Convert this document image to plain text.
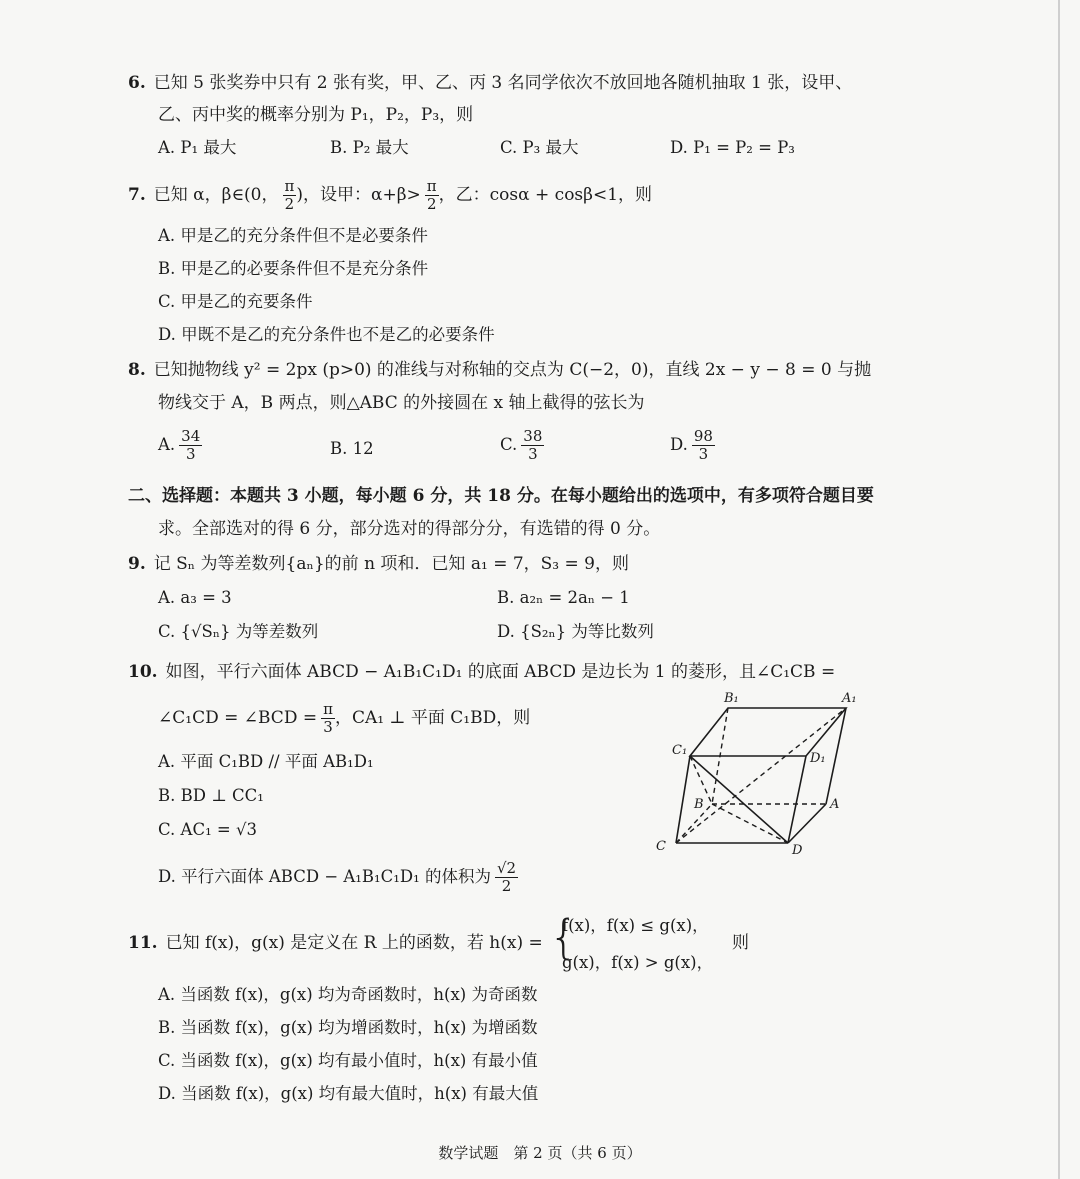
6. 已知 5 张奖券中只有 2 张有奖，甲、乙、丙 3 名同学依次不放回地各随机抽取 1 张，设甲、
乙、丙中奖的概率分别为 P₁，P₂，P₃，则
A. P₁ 最大	B. P₂ 最大	C. P₃ 最大	D. P₁ = P₂ = P₃
7. 已知 α，β∈(0， $\frac{\pi}{2}$ )，设甲：$\alpha+\beta> \frac{\pi}{2}$ ，乙：cosα + cosβ<1，则
A. 甲是乙的充分条件但不是必要条件
B. 甲是乙的必要条件但不是充分条件
C. 甲是乙的充要条件
D. 甲既不是乙的充分条件也不是乙的必要条件
8. 已知抛物线 y² = 2px (p>0) 的准线与对称轴的交点为 C(−2，0)，直线 2x − y − 8 = 0 与抛
物线交于 A，B 两点，则△ABC 的外接圆在 x 轴上截得的弦长为
A. $\frac{34}{3}$	B. 12	C. $\frac{38}{3}$	D. $\frac{98}{3}$
二、选择题：本题共 3 小题，每小题 6 分，共 18 分。在每小题给出的选项中，有多项符合题目要
求。全部选对的得 6 分，部分选对的得部分分，有选错的得 0 分。
9. 记 Sₙ 为等差数列{aₙ}的前 n 项和．已知 a₁ = 7，S₃ = 9，则
A. a₃ = 3	B. a₂ₙ = 2aₙ − 1
C. {√Sₙ} 为等差数列	D. {S₂ₙ} 为等比数列
10. 如图，平行六面体 ABCD − A₁B₁C₁D₁ 的底面 ABCD 是边长为 1 的菱形，且∠C₁CB =
∠C₁CD = ∠BCD = $\frac{\pi}{3}$ ，CA₁ ⊥ 平面 C₁BD，则
A. 平面 C₁BD // 平面 AB₁D₁
B. BD ⊥ CC₁
C. AC₁ = √3
D. 平行六面体 ABCD − A₁B₁C₁D₁ 的体积为 $\frac{√2}{2}$
B₁	A₁
C₁
D₁
B	A
C	D
11. 已知 f(x)，g(x) 是定义在 R 上的函数，若 h(x) = {
f(x)，f(x) ≤ g(x)，
g(x)，f(x) > g(x)，
则
A. 当函数 f(x)，g(x) 均为奇函数时，h(x) 为奇函数
B. 当函数 f(x)，g(x) 均为增函数时，h(x) 为增函数
C. 当函数 f(x)，g(x) 均有最小值时，h(x) 有最小值
D. 当函数 f(x)，g(x) 均有最大值时，h(x) 有最大值
数学试题　第 2 页（共 6 页）
